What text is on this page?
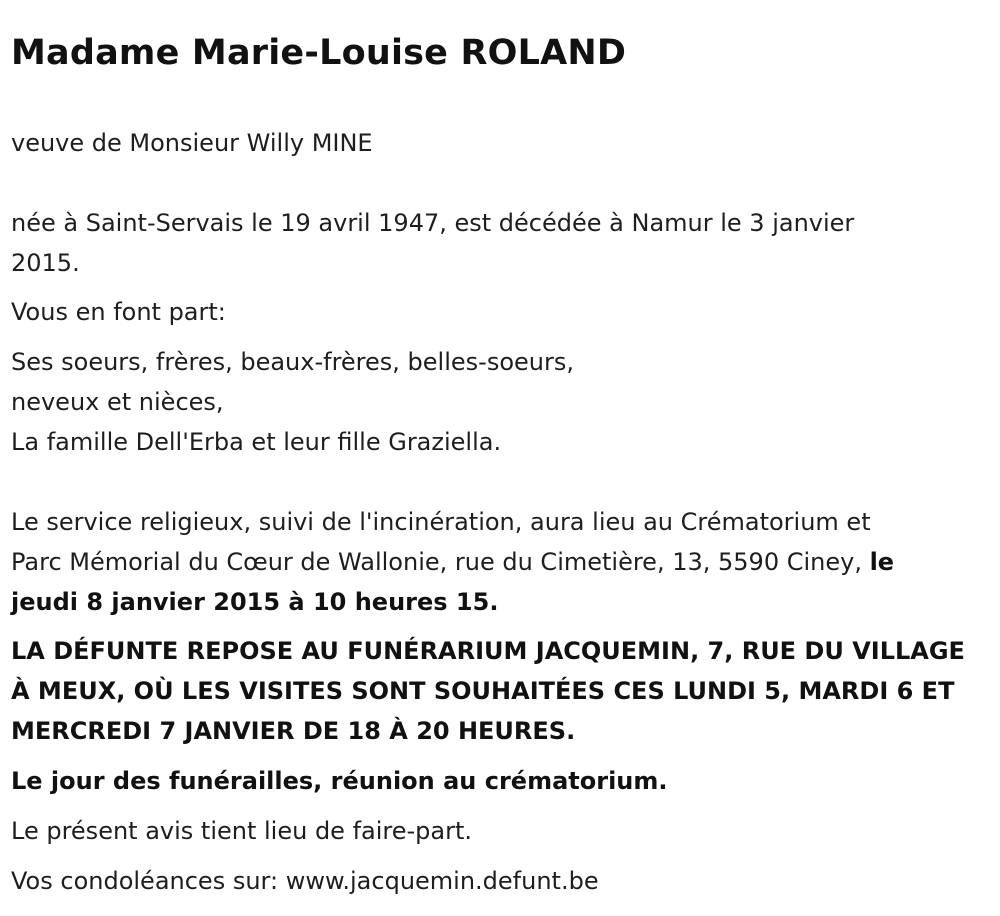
Madame Marie-Louise ROLAND

veuve de Monsieur Willy MINE

née à Saint-Servais le 19 avril 1947, est décédée à Namur le 3 janvier
2015.

Vous en font part:

Ses soeurs, frères, beaux-frères, belles-soeurs,
neveux et nièces,
La famille Dell'Erba et leur fille Graziella.

Le service religieux, suivi de l'incinération, aura lieu au Crématorium et
Parc Mémorial du Cœur de Wallonie, rue du Cimetière, 13, 5590 Ciney, le
jeudi 8 janvier 2015 à 10 heures 15.

LA DÉFUNTE REPOSE AU FUNÉRARIUM JACQUEMIN, 7, RUE DU VILLAGE
À MEUX, OÙ LES VISITES SONT SOUHAITÉES CES LUNDI 5, MARDI 6 ET
MERCREDI 7 JANVIER DE 18 À 20 HEURES.

Le jour des funérailles, réunion au crématorium.

Le présent avis tient lieu de faire-part.

Vos condoléances sur: www.jacquemin.defunt.be
